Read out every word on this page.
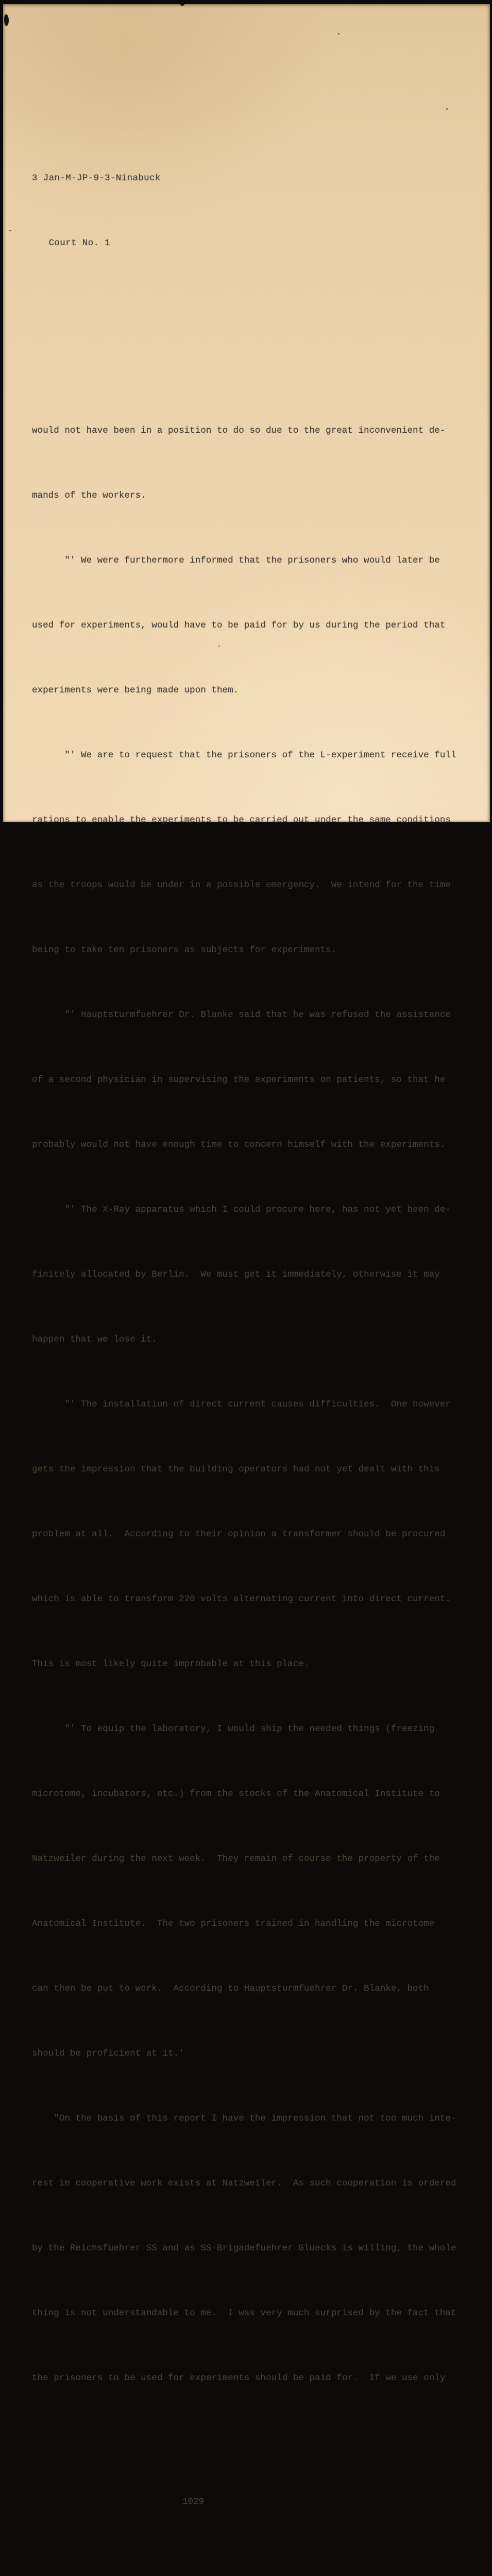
3 Jan-M-JP-9-3-Ninabuck

Court No. 1

would not have been in a position to do so due to the great inconvenient de-

mands of the workers.

"' We were furthermore informed that the prisoners who would later be

used for experiments, would have to be paid for by us during the period that

experiments were being made upon them.

"' We are to request that the prisoners of the L-experiment receive full

rations to enable the experiments to be carried out under the same conditions

as the troops would be under in a possible emergency.  We intend for the time

being to take ten prisoners as subjects for experiments.

"' Hauptsturmfuehrer Dr. Blanke said that he was refused the assistance

of a second physician in supervising the experiments on patients, so that he

probably would not have enough time to concern himself with the experiments.

"' The X-Ray apparatus which I could procure here, has not yet been de-

finitely allocated by Berlin.  We must get it immediately, otherwise it may

happen that we lose it.

"' The installation of direct current causes difficulties.  One however

gets the impression that the building operators had not yet dealt with this

problem at all.  According to their opinion a transformer should be procured

which is able to transform 220 volts alternating current into direct current.

This is most likely quite improbable at this place.

"' To equip the laboratory, I would ship the needed things (freezing

microtome, incubators, etc.) from the stocks of the Anatomical Institute to

Natzweiler during the next week.  They remain of course the property of the

Anatomical Institute.  The two prisoners trained in handling the microtome

can then be put to work.  According to Hauptsturmfuehrer Dr. Blanke, both

should be proficient at it.'

"On the basis of this report I have the impression that not too much inte-

rest in cooperative work exists at Natzweiler.  As such cooperation is ordered

by the Reichsfuehrer SS and as SS-Brigadefuehrer Gluecks is willing, the whole

thing is not understandable to me.  I was very much surprised by the fact that

the prisoners to be used for experiments should be paid for.  If we use only

1029
